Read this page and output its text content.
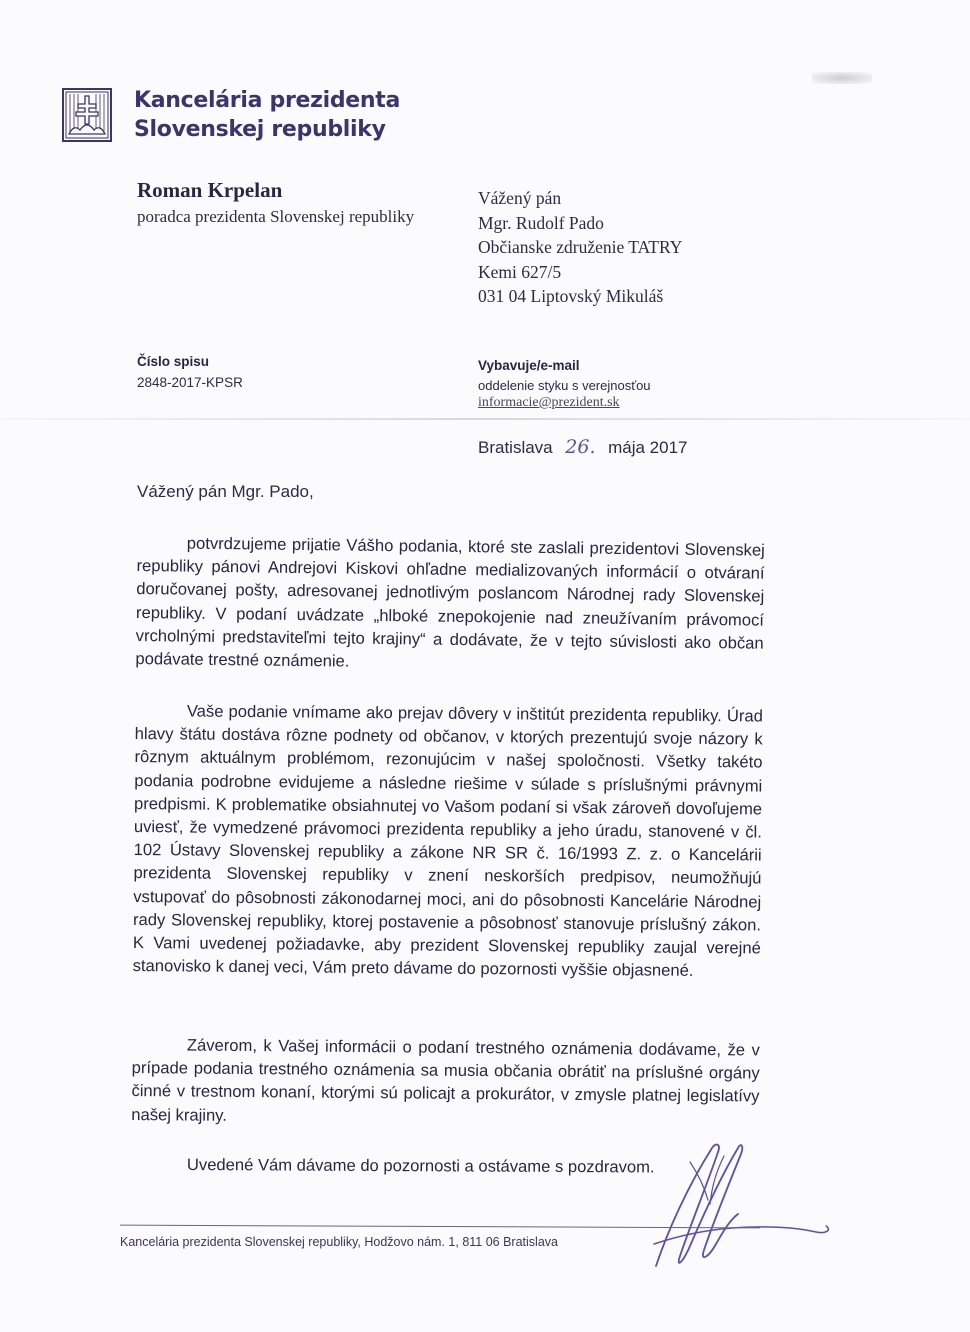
Kancelária prezidenta
Slovenskej republiky
Roman Krpelan
poradca prezidenta Slovenskej republiky
Vážený pán
Mgr. Rudolf Pado
Občianske združenie TATRY
Kemi 627/5
031 04 Liptovský Mikuláš
Číslo spisu
2848-2017-KPSR
Vybavuje/e-mail
oddelenie styku s verejnosťou
informacie@prezident.sk
Bratislava 26. mája 2017
Vážený pán Mgr. Pado,
potvrdzujeme prijatie Vášho podania, ktoré ste zaslali prezidentovi Slovenskej republiky pánovi Andrejovi Kiskovi ohľadne medializovaných informácií o otváraní doručovanej pošty, adresovanej jednotlivým poslancom Národnej rady Slovenskej republiky. V podaní uvádzate „hlboké znepokojenie nad zneužívaním právomocí vrcholnými predstaviteľmi tejto krajiny“ a dodávate, že v tejto súvislosti ako občan podávate trestné oznámenie.
Vaše podanie vnímame ako prejav dôvery v inštitút prezidenta republiky. Úrad hlavy štátu dostáva rôzne podnety od občanov, v ktorých prezentujú svoje názory k rôznym aktuálnym problémom, rezonujúcim v našej spoločnosti. Všetky takéto podania podrobne evidujeme a následne riešime v súlade s príslušnými právnymi predpismi. K problematike obsiahnutej vo Vašom podaní si však zároveň dovoľujeme uviesť, že vymedzené právomoci prezidenta republiky a jeho úradu, stanovené v čl. 102 Ústavy Slovenskej republiky a zákone NR SR č. 16/1993 Z. z. o Kancelárii prezidenta Slovenskej republiky v znení neskorších predpisov, neumožňujú vstupovať do pôsobnosti zákonodarnej moci, ani do pôsobnosti Kancelárie Národnej rady Slovenskej republiky, ktorej postavenie a pôsobnosť stanovuje príslušný zákon. K Vami uvedenej požiadavke, aby prezident Slovenskej republiky zaujal verejné stanovisko k danej veci, Vám preto dávame do pozornosti vyššie objasnené.
Záverom, k Vašej informácii o podaní trestného oznámenia dodávame, že v prípade podania trestného oznámenia sa musia občania obrátiť na príslušné orgány činné v trestnom konaní, ktorými sú policajt a prokurátor, v zmysle platnej legislatívy našej krajiny.
Uvedené Vám dávame do pozornosti a ostávame s pozdravom.
Kancelária prezidenta Slovenskej republiky, Hodžovo nám. 1, 811 06 Bratislava
